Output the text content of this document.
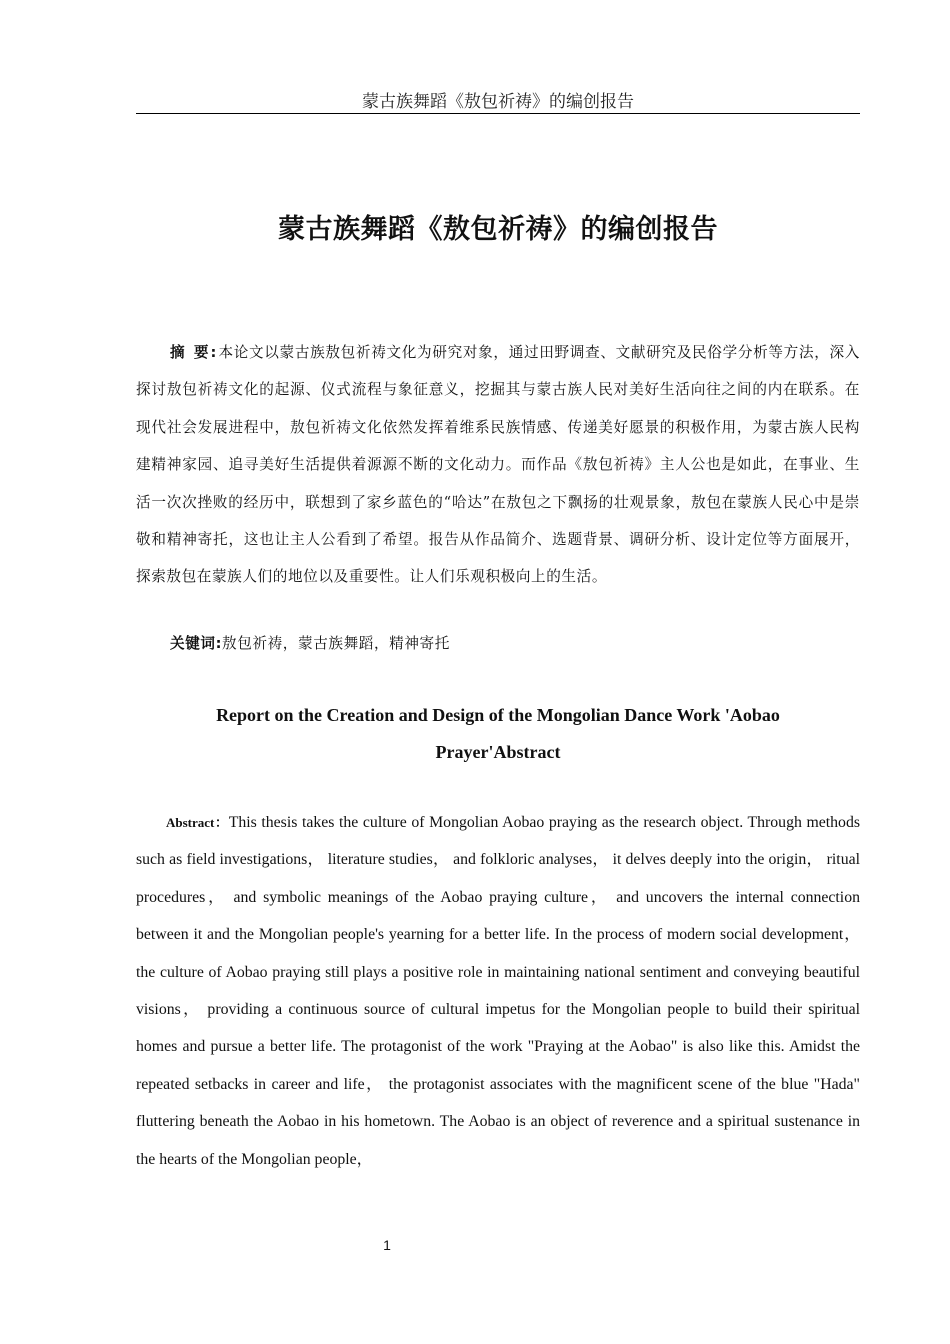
蒙古族舞蹈《敖包祈祷》的编创报告
蒙古族舞蹈《敖包祈祷》的编创报告

摘 要:本论文以蒙古族敖包祈祷文化为研究对象，通过田野调查、文献研究及民俗学分析等方法，深入探讨敖包祈祷文化的起源、仪式流程与象征意义，挖掘其与蒙古族人民对美好生活向往之间的内在联系。在现代社会发展进程中，敖包祈祷文化依然发挥着维系民族情感、传递美好愿景的积极作用，为蒙古族人民构建精神家园、追寻美好生活提供着源源不断的文化动力。而作品《敖包祈祷》主人公也是如此，在事业、生活一次次挫败的经历中，联想到了家乡蓝色的“哈达”在敖包之下飘扬的壮观景象，敖包在蒙族人民心中是崇敬和精神寄托，这也让主人公看到了希望。报告从作品简介、选题背景、调研分析、设计定位等方面展开，探索敖包在蒙族人们的地位以及重要性。让人们乐观积极向上的生活。

关键词:敖包祈祷，蒙古族舞蹈，精神寄托

Report on the Creation and Design of the Mongolian Dance Work 'Aobao
Prayer'Abstract

Abstract：This thesis takes the culture of Mongolian Aobao praying as the research object. Through methods such as field investigations， literature studies， and folkloric analyses， it delves deeply into the origin， ritual procedures， and symbolic meanings of the Aobao praying culture， and uncovers the internal connection between it and the Mongolian people's yearning for a better life. In the process of modern social development， the culture of Aobao praying still plays a positive role in maintaining national sentiment and conveying beautiful visions， providing a continuous source of cultural impetus for the Mongolian people to build their spiritual homes and pursue a better life. The protagonist of the work "Praying at the Aobao" is also like this. Amidst the repeated setbacks in career and life， the protagonist associates with the magnificent scene of the blue "Hada" fluttering beneath the Aobao in his hometown. The Aobao is an object of reverence and a spiritual sustenance in the hearts of the Mongolian people，

1
